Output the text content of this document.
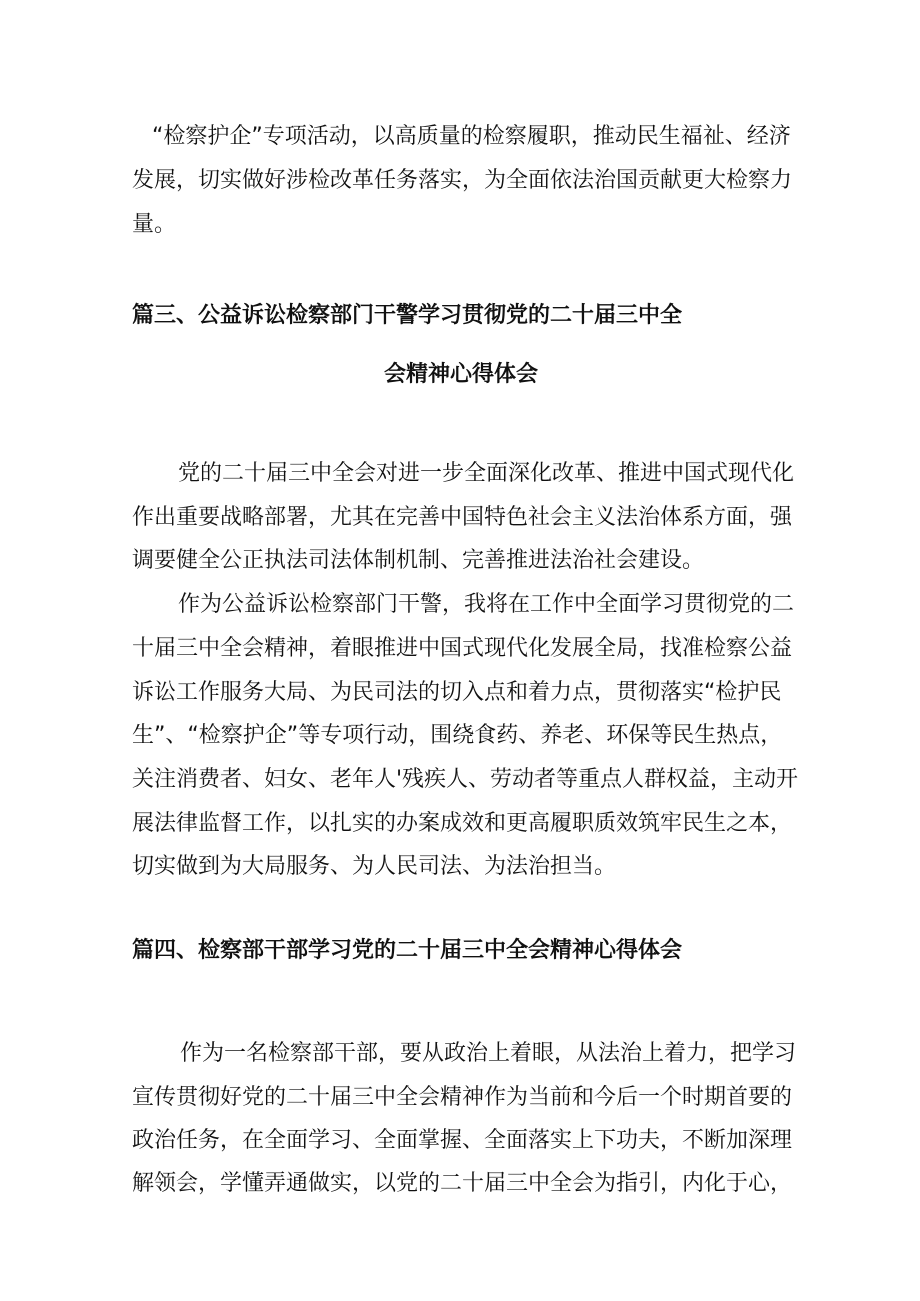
“检察护企”专项活动，以高质量的检察履职，推动民生福祉、经济

发展，切实做好涉检改革任务落实，为全面依法治国贡献更大检察力

量。

篇三、公益诉讼检察部门干警学习贯彻党的二十届三中全

会精神心得体会

党的二十届三中全会对进一步全面深化改革、推进中国式现代化

作出重要战略部署，尤其在完善中国特色社会主义法治体系方面，强

调要健全公正执法司法体制机制、完善推进法治社会建设。

作为公益诉讼检察部门干警，我将在工作中全面学习贯彻党的二

十届三中全会精神，着眼推进中国式现代化发展全局，找准检察公益

诉讼工作服务大局、为民司法的切入点和着力点，贯彻落实“检护民

生”、“检察护企”等专项行动，围绕食药、养老、环保等民生热点，

关注消费者、妇女、老年人'残疾人、劳动者等重点人群权益，主动开

展法律监督工作，以扎实的办案成效和更高履职质效筑牢民生之本，

切实做到为大局服务、为人民司法、为法治担当。

篇四、检察部干部学习党的二十届三中全会精神心得体会

作为一名检察部干部，要从政治上着眼，从法治上着力，把学习

宣传贯彻好党的二十届三中全会精神作为当前和今后一个时期首要的

政治任务，在全面学习、全面掌握、全面落实上下功夫，不断加深理

解领会，学懂弄通做实，以党的二十届三中全会为指引，内化于心，
